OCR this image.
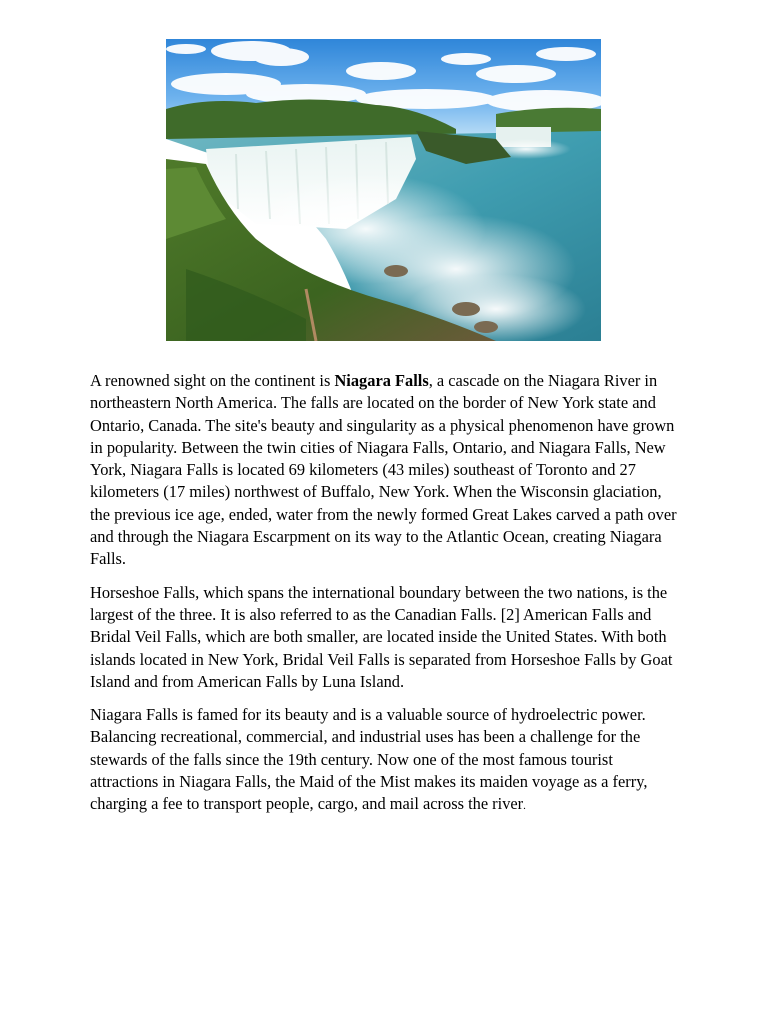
A renowned sight on the continent is Niagara Falls, a cascade on the Niagara River in northeastern North America. The falls are located on the border of New York state and Ontario, Canada. The site's beauty and singularity as a physical phenomenon have grown in popularity. Between the twin cities of Niagara Falls, Ontario, and Niagara Falls, New York, Niagara Falls is located 69 kilometers (43 miles) southeast of Toronto and 27 kilometers (17 miles) northwest of Buffalo, New York. When the Wisconsin glaciation, the previous ice age, ended, water from the newly formed Great Lakes carved a path over and through the Niagara Escarpment on its way to the Atlantic Ocean, creating Niagara Falls.

Horseshoe Falls, which spans the international boundary between the two nations, is the largest of the three. It is also referred to as the Canadian Falls. [2] American Falls and Bridal Veil Falls, which are both smaller, are located inside the United States. With both islands located in New York, Bridal Veil Falls is separated from Horseshoe Falls by Goat Island and from American Falls by Luna Island.

Niagara Falls is famed for its beauty and is a valuable source of hydroelectric power. Balancing recreational, commercial, and industrial uses has been a challenge for the stewards of the falls since the 19th century. Now one of the most famous tourist attractions in Niagara Falls, the Maid of the Mist makes its maiden voyage as a ferry, charging a fee to transport people, cargo, and mail across the river.
